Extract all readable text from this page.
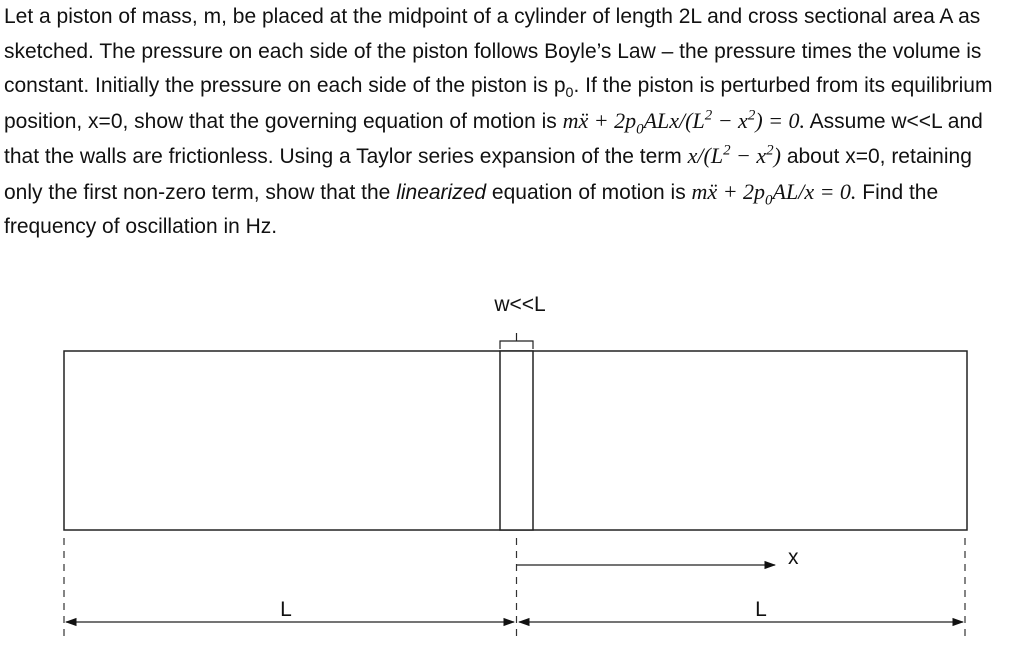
Let a piston of mass, m, be placed at the midpoint of a cylinder of length 2L and cross sectional area A as sketched. The pressure on each side of the piston follows Boyle’s Law – the pressure times the volume is constant. Initially the pressure on each side of the piston is $p_0$. If the piston is perturbed from its equilibrium position, x=0, show that the governing equation of motion is mẍ + $2p_0ALx/(L^2 - x^2) = 0$. Assume w<<L and that the walls are frictionless. Using a Taylor series expansion of the term $x/(L^2 - x^2)$ about x=0, retaining only the first non-zero term, show that the linearized equation of motion is mẍ + $2p_0AL/x = 0$. Find the frequency of oscillation in Hz.

w<<L
x
L	L
